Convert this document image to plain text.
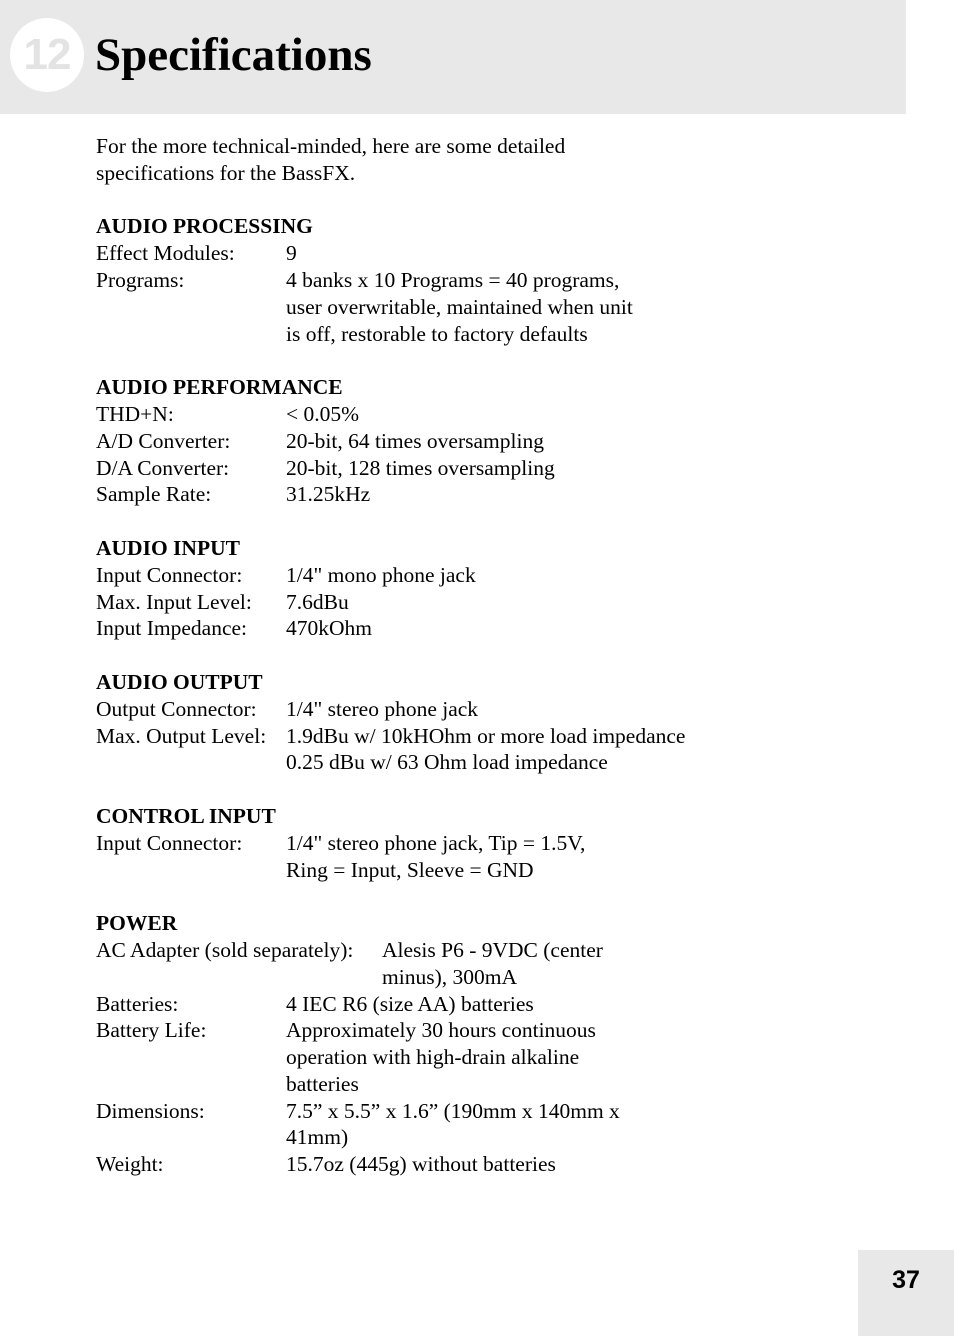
12 Specifications

For the more technical-minded, here are some detailed
specifications for the BassFX.

AUDIO PROCESSING
Effect Modules:	9
Programs:	4 banks x 10 Programs = 40 programs,
user overwritable, maintained when unit
is off, restorable to factory defaults
AUDIO PERFORMANCE
THD+N:	< 0.05%
A/D Converter:	20-bit, 64 times oversampling
D/A Converter:	20-bit, 128 times oversampling
Sample Rate:	31.25kHz
AUDIO INPUT
Input Connector:	1/4" mono phone jack
Max. Input Level:	7.6dBu
Input Impedance:	470kOhm
AUDIO OUTPUT
Output Connector:	1/4" stereo phone jack
Max. Output Level: 1.9dBu w/ 10kHOhm or more load impedance
0.25 dBu w/ 63 Ohm load impedance
CONTROL INPUT
Input Connector:	1/4" stereo phone jack, Tip = 1.5V,
Ring = Input, Sleeve = GND
POWER
AC Adapter (sold separately):	Alesis P6 - 9VDC (center
minus), 300mA
Batteries:	4 IEC R6 (size AA) batteries
Battery Life:	Approximately 30 hours continuous
operation with high-drain alkaline
batteries
Dimensions:	7.5” x 5.5” x 1.6” (190mm x 140mm x
41mm)
Weight:	15.7oz (445g) without batteries
37
